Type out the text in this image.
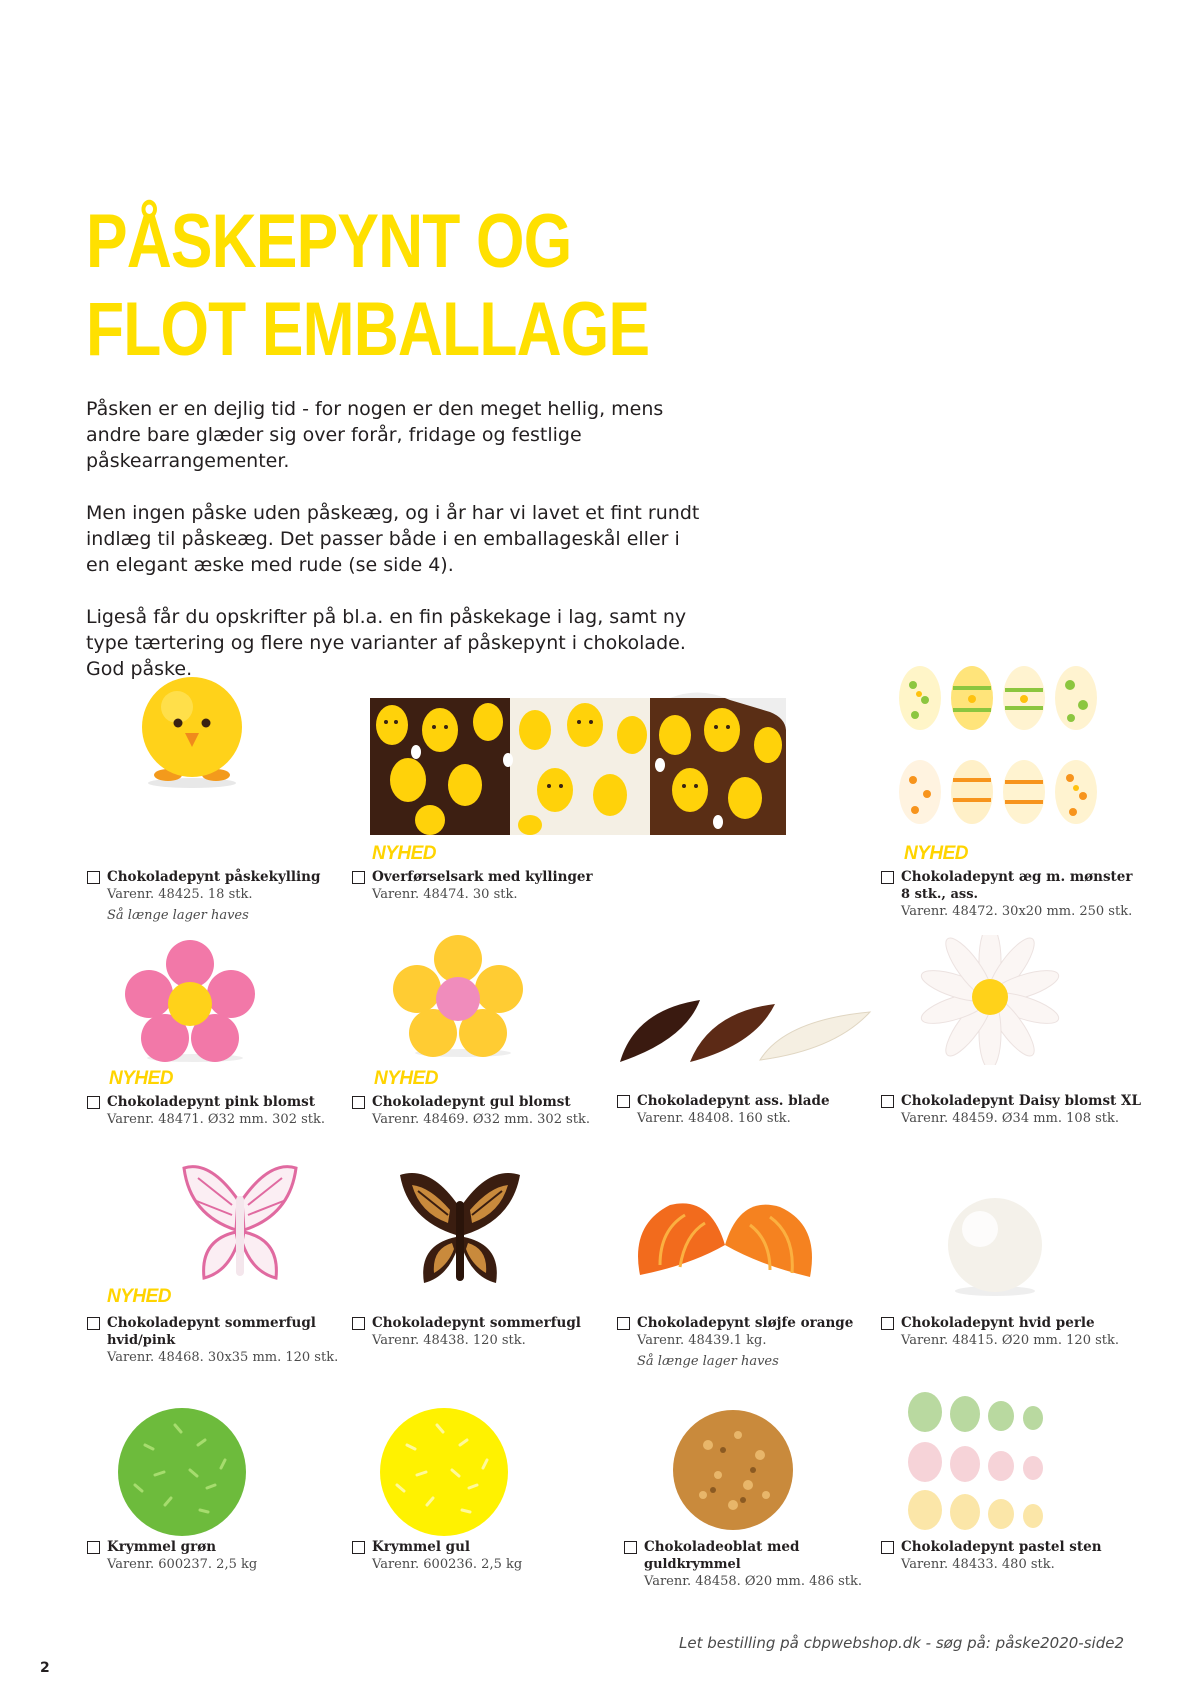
PÅSKEPYNT OG
FLOT EMBALLAGE

Påsken er en dejlig tid - for nogen er den meget hellig, mens andre bare glæder sig over forår, fridage og festlige påskearrangementer.

Men ingen påske uden påskeæg, og i år har vi lavet et fint rundt indlæg til påskeæg. Det passer både i en emballageskål eller i en elegant æske med rude (se side 4).

Ligeså får du opskrifter på bl.a. en fin påskekage i lag, samt ny type tærtering og flere nye varianter af påskepynt i chokolade.
God påske.

NYHED	NYHED
NYHED	NYHED
NYHED
Chokoladepynt påskekylling
Varenr. 48425. 18 stk.
Så længe lager haves
Overførselsark med kyllinger
Varenr. 48474. 30 stk.
Chokoladepynt æg m. mønster
8 stk., ass.
Varenr. 48472. 30x20 mm. 250 stk.
Chokoladepynt pink blomst
Varenr. 48471. Ø32 mm. 302 stk.
Chokoladepynt gul blomst
Varenr. 48469. Ø32 mm. 302 stk.
Chokoladepynt ass. blade
Varenr. 48408. 160 stk.
Chokoladepynt Daisy blomst XL
Varenr. 48459. Ø34 mm. 108 stk.
Chokoladepynt sommerfugl
hvid/pink
Varenr. 48468. 30x35 mm. 120 stk.
Chokoladepynt sommerfugl
Varenr. 48438. 120 stk.
Chokoladepynt sløjfe orange
Varenr. 48439.1 kg.
Så længe lager haves
Chokoladepynt hvid perle
Varenr. 48415. Ø20 mm. 120 stk.
Krymmel grøn
Varenr. 600237. 2,5 kg
Krymmel gul
Varenr. 600236. 2,5 kg
Chokoladeoblat med
guldkrymmel
Varenr. 48458. Ø20 mm. 486 stk.
Chokoladepynt pastel sten
Varenr. 48433. 480 stk.
Let bestilling på cbpwebshop.dk - søg på: påske2020-side2
2
